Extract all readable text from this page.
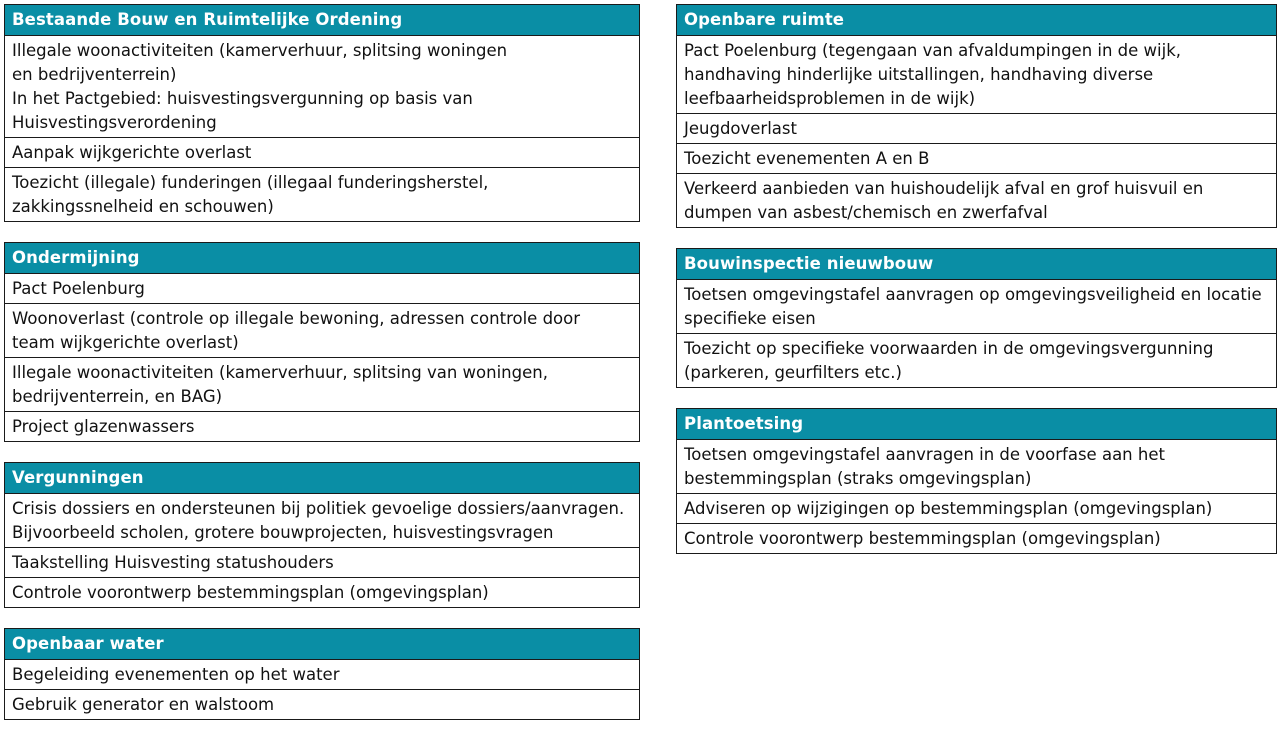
Bestaande Bouw en Ruimtelijke Ordening
Illegale woonactiviteiten (kamerverhuur, splitsing woningen
en bedrijventerrein)
In het Pactgebied: huisvestingsvergunning op basis van
Huisvestingsverordening
Aanpak wijkgerichte overlast
Toezicht (illegale) funderingen (illegaal funderingsherstel,
zakkingssnelheid en schouwen)
Ondermijning
Pact Poelenburg
Woonoverlast (controle op illegale bewoning, adressen controle door
team wijkgerichte overlast)
Illegale woonactiviteiten (kamerverhuur, splitsing van woningen,
bedrijventerrein, en BAG)
Project glazenwassers
Vergunningen
Crisis dossiers en ondersteunen bij politiek gevoelige dossiers/aanvragen.
Bijvoorbeeld scholen, grotere bouwprojecten, huisvestingsvragen
Taakstelling Huisvesting statushouders
Controle voorontwerp bestemmingsplan (omgevingsplan)
Openbaar water
Begeleiding evenementen op het water
Gebruik generator en walstoom
Openbare ruimte
Pact Poelenburg (tegengaan van afvaldumpingen in de wijk,
handhaving hinderlijke uitstallingen, handhaving diverse
leefbaarheidsproblemen in de wijk)
Jeugdoverlast
Toezicht evenementen A en B
Verkeerd aanbieden van huishoudelijk afval en grof huisvuil en
dumpen van asbest/chemisch en zwerfafval
Bouwinspectie nieuwbouw
Toetsen omgevingstafel aanvragen op omgevingsveiligheid en locatie
specifieke eisen
Toezicht op specifieke voorwaarden in de omgevingsvergunning
(parkeren, geurfilters etc.)
Plantoetsing
Toetsen omgevingstafel aanvragen in de voorfase aan het
bestemmingsplan (straks omgevingsplan)
Adviseren op wijzigingen op bestemmingsplan (omgevingsplan)
Controle voorontwerp bestemmingsplan (omgevingsplan)
